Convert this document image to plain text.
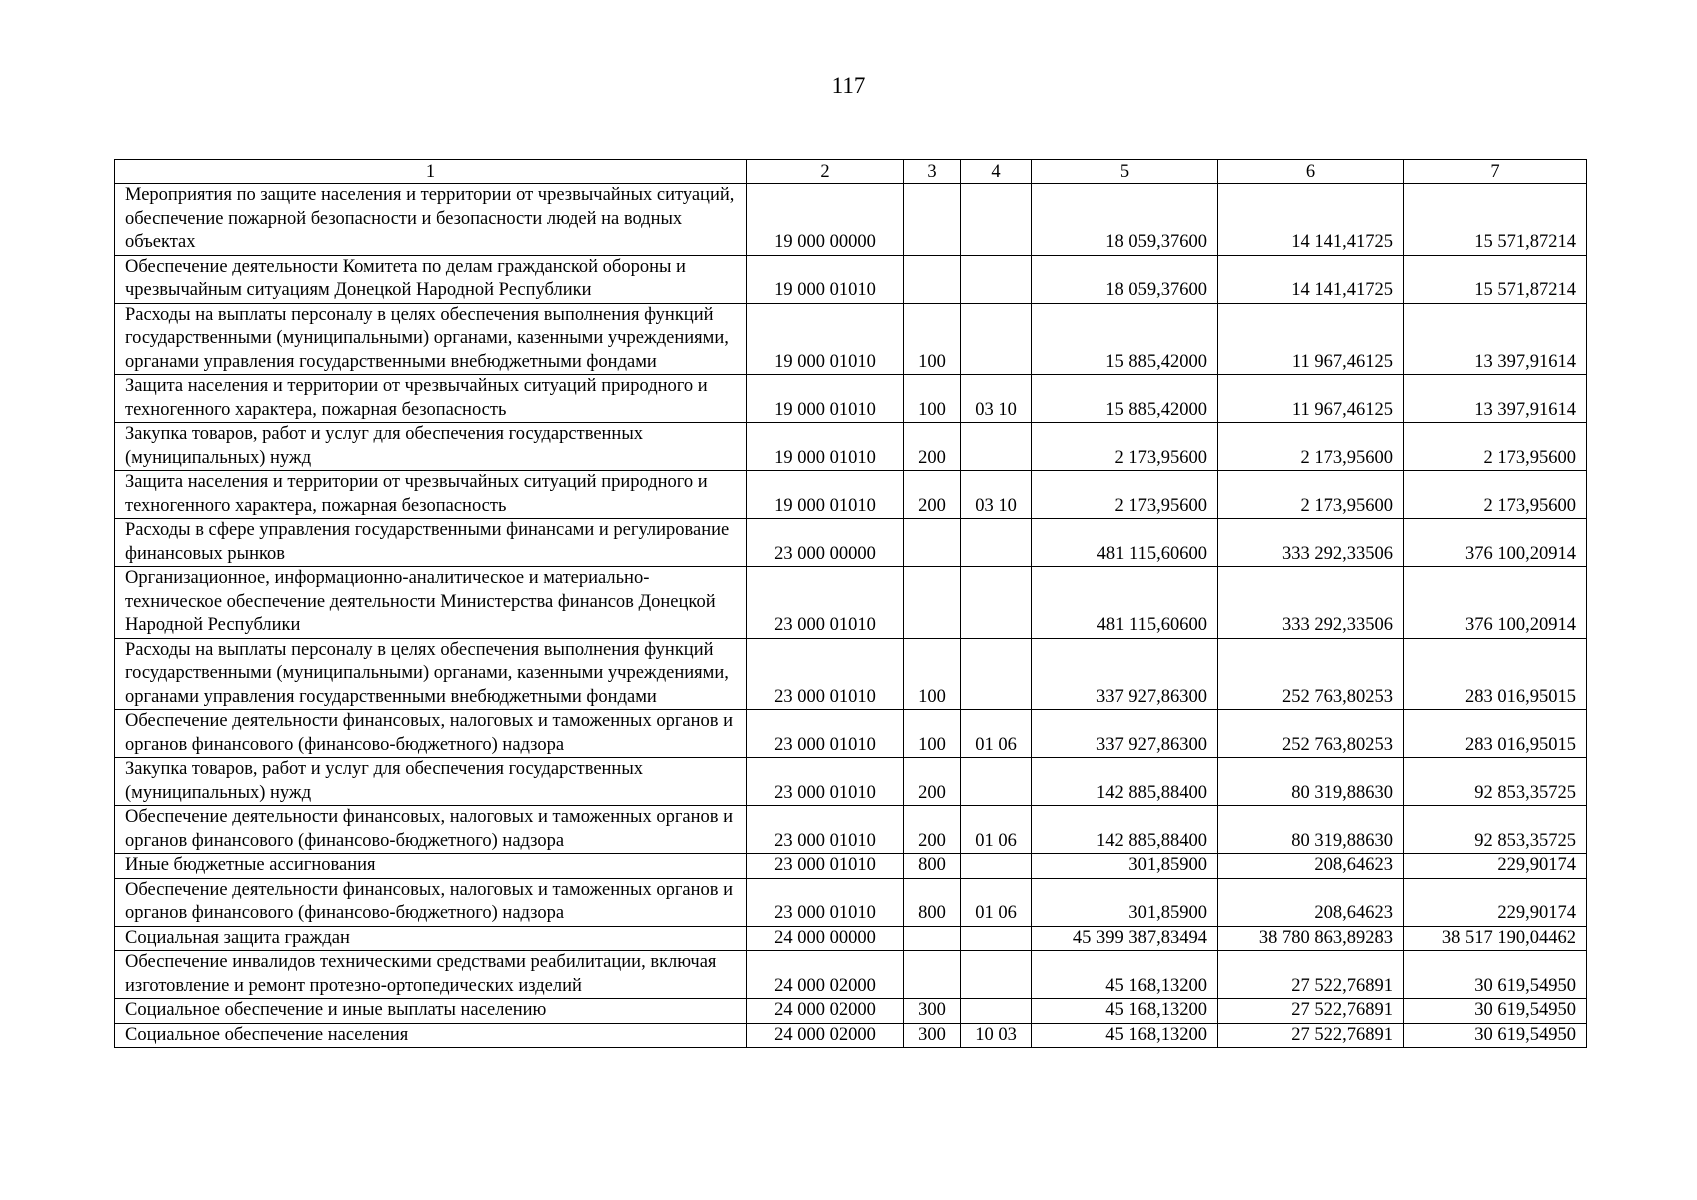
117
1	2	3	4	5	6	7
Мероприятия по защите населения и территории от чрезвычайных ситуаций, обеспечение пожарной безопасности и безопасности людей на водных объектах	19 000 00000			18 059,37600	14 141,41725	15 571,87214
Обеспечение деятельности Комитета по делам гражданской обороны и чрезвычайным ситуациям Донецкой Народной Республики	19 000 01010			18 059,37600	14 141,41725	15 571,87214
Расходы на выплаты персоналу в целях обеспечения выполнения функций государственными (муниципальными) органами, казенными учреждениями, органами управления государственными внебюджетными фондами	19 000 01010	100		15 885,42000	11 967,46125	13 397,91614
Защита населения и территории от чрезвычайных ситуаций природного и техногенного характера, пожарная безопасность	19 000 01010	100	03 10	15 885,42000	11 967,46125	13 397,91614
Закупка товаров, работ и услуг для обеспечения государственных (муниципальных) нужд	19 000 01010	200		2 173,95600	2 173,95600	2 173,95600
Защита населения и территории от чрезвычайных ситуаций природного и техногенного характера, пожарная безопасность	19 000 01010	200	03 10	2 173,95600	2 173,95600	2 173,95600
Расходы в сфере управления государственными финансами и регулирование финансовых рынков	23 000 00000			481 115,60600	333 292,33506	376 100,20914
Организационное, информационно-аналитическое и материально-техническое обеспечение деятельности Министерства финансов Донецкой Народной Республики	23 000 01010			481 115,60600	333 292,33506	376 100,20914
Расходы на выплаты персоналу в целях обеспечения выполнения функций государственными (муниципальными) органами, казенными учреждениями, органами управления государственными внебюджетными фондами	23 000 01010	100		337 927,86300	252 763,80253	283 016,95015
Обеспечение деятельности финансовых, налоговых и таможенных органов и органов финансового (финансово-бюджетного) надзора	23 000 01010	100	01 06	337 927,86300	252 763,80253	283 016,95015
Закупка товаров, работ и услуг для обеспечения государственных (муниципальных) нужд	23 000 01010	200		142 885,88400	80 319,88630	92 853,35725
Обеспечение деятельности финансовых, налоговых и таможенных органов и органов финансового (финансово-бюджетного) надзора	23 000 01010	200	01 06	142 885,88400	80 319,88630	92 853,35725
Иные бюджетные ассигнования	23 000 01010	800		301,85900	208,64623	229,90174
Обеспечение деятельности финансовых, налоговых и таможенных органов и органов финансового (финансово-бюджетного) надзора	23 000 01010	800	01 06	301,85900	208,64623	229,90174
Социальная защита граждан	24 000 00000			45 399 387,83494	38 780 863,89283	38 517 190,04462
Обеспечение инвалидов техническими средствами реабилитации, включая изготовление и ремонт протезно-ортопедических изделий	24 000 02000			45 168,13200	27 522,76891	30 619,54950
Социальное обеспечение и иные выплаты населению	24 000 02000	300		45 168,13200	27 522,76891	30 619,54950
Социальное обеспечение населения	24 000 02000	300	10 03	45 168,13200	27 522,76891	30 619,54950
